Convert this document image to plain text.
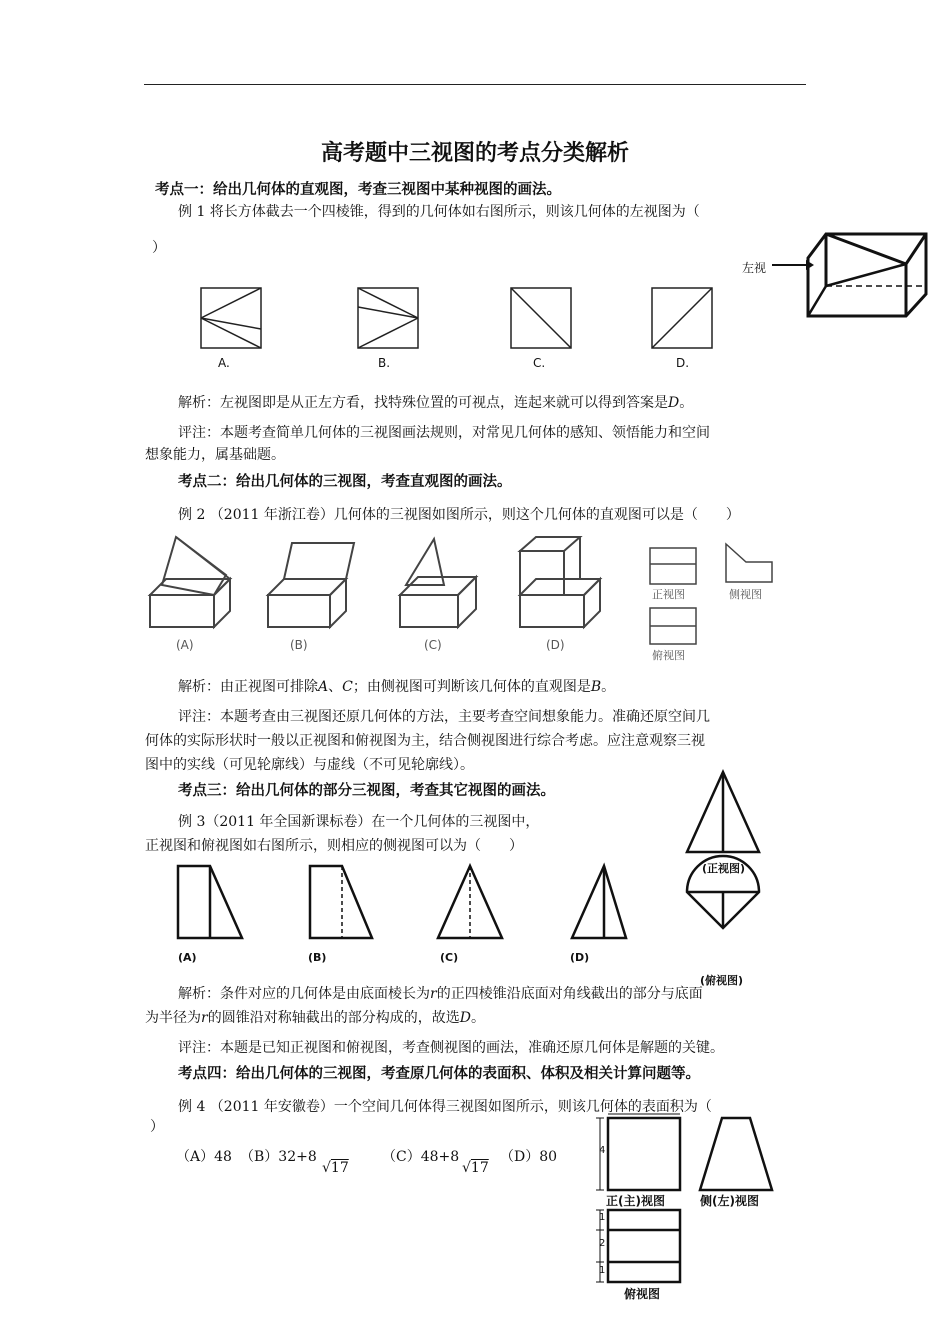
高考题中三视图的考点分类解析
考点一：给出几何体的直观图，考查三视图中某种视图的画法。
例 1 将长方体截去一个四棱锥，得到的几何体如右图所示，则该几何体的左视图为（
）
左视
A.	B.	C.	D.
解析：左视图即是从正左方看，找特殊位置的可视点，连起来就可以得到答案是D。
评注：本题考查简单几何体的三视图画法规则，对常见几何体的感知、领悟能力和空间
想象能力，属基础题。
考点二：给出几何体的三视图，考查直观图的画法。
例 2 （2011 年浙江卷）几何体的三视图如图所示，则这个几何体的直观图可以是（　　）
(A)	(B)	(C)	(D)
正视图	侧视图
俯视图
解析：由正视图可排除A、C；由侧视图可判断该几何体的直观图是B。
评注：本题考查由三视图还原几何体的方法，主要考查空间想象能力。准确还原空间几
何体的实际形状时一般以正视图和俯视图为主，结合侧视图进行综合考虑。应注意观察三视
图中的实线（可见轮廓线）与虚线（不可见轮廓线）。
考点三：给出几何体的部分三视图，考查其它视图的画法。
例 3（2011 年全国新课标卷）在一个几何体的三视图中，
正视图和俯视图如右图所示，则相应的侧视图可以为（　　）
(正视图)
(俯视图)
(A)	(B)	(C)	(D)
解析：条件对应的几何体是由底面棱长为r的正四棱锥沿底面对角线截出的部分与底面
为半径为r的圆锥沿对称轴截出的部分构成的，故选D。
评注：本题是已知正视图和俯视图，考查侧视图的画法，准确还原几何体是解题的关键。
考点四：给出几何体的三视图，考查原几何体的表面积、体积及相关计算问题等。
例 4 （2011 年安徽卷）一个空间几何体得三视图如图所示，则该几何体的表面积为（
）
（A）48 （B）32+8
√17
（C）48+8
√17
（D）80	4
1
2
1
正(主)视图	侧(左)视图
俯视图
